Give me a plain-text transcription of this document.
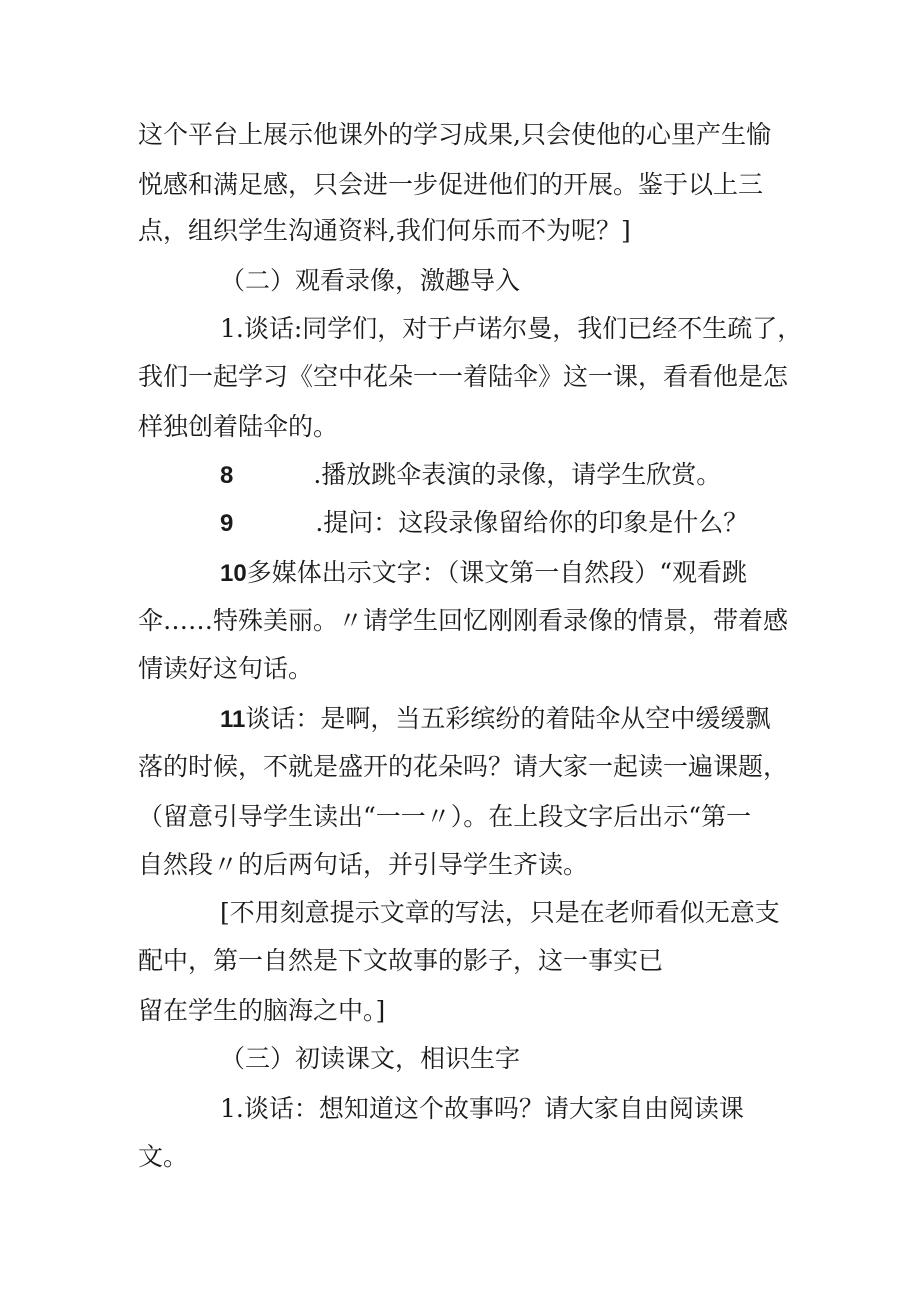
这个平台上展示他课外的学习成果,只会使他的心里产生愉
悦感和满足感，只会进一步促进他们的开展。鉴于以上三
点，组织学生沟通资料,我们何乐而不为呢？]
（二）观看录像，激趣导入
1.谈话:同学们，对于卢诺尔曼，我们已经不生疏了，
我们一起学习《空中花朵一一着陆伞》这一课，看看他是怎
样独创着陆伞的。
8	.播放跳伞表演的录像，请学生欣赏。
9	.提问：这段录像留给你的印象是什么？
10多媒体出示文字：（课文第一自然段）“观看跳
伞……特殊美丽。〃请学生回忆刚刚看录像的情景，带着感
情读好这句话。
11谈话：是啊，当五彩缤纷的着陆伞从空中缓缓飘
落的时候，不就是盛开的花朵吗？请大家一起读一遍课题，
（留意引导学生读出“一一〃）。在上段文字后出示“第一
自然段〃的后两句话，并引导学生齐读。
[不用刻意提示文章的写法，只是在老师看似无意支
配中，第一自然是下文故事的影子，这一事实已
留在学生的脑海之中。]
（三）初读课文，相识生字
1.谈话：想知道这个故事吗？请大家自由阅读课
文。
